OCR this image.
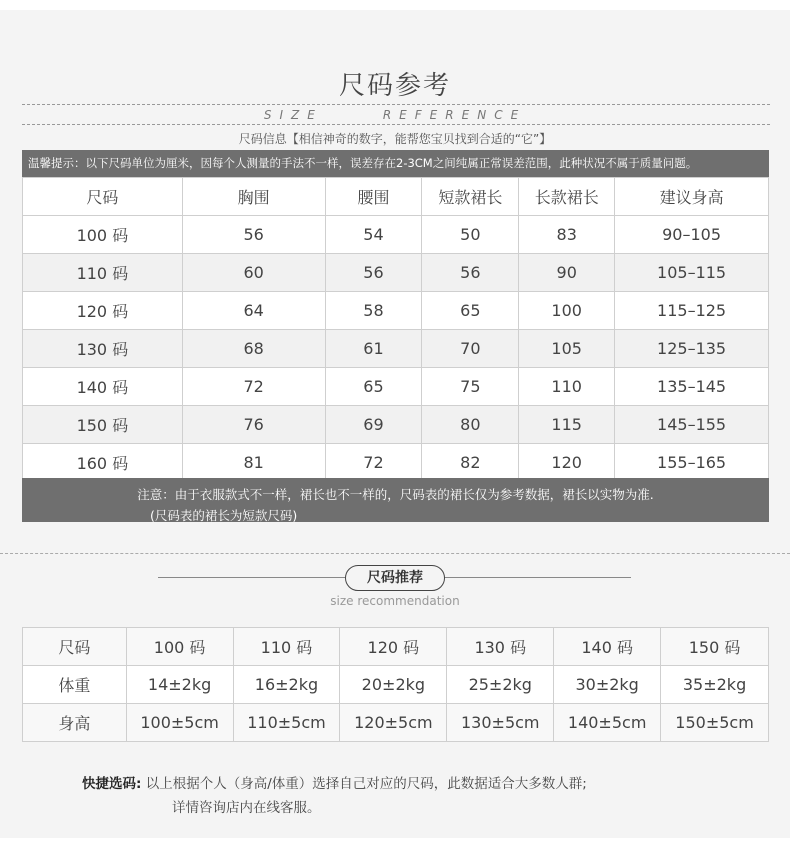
尺码参考
SIZE	REFERENCE
尺码信息【相信神奇的数字，能帮您宝贝找到合适的“它”】
温馨提示：以下尺码单位为厘米，因每个人测量的手法不一样，误差存在2-3CM之间纯属正常误差范围，此种状况不属于质量问题。
尺码	胸围	腰围	短款裙长	长款裙长	建议身高
100 码	56	54	50	83	90–105
110 码	60	56	56	90	105–115
120 码	64	58	65	100	115–125
130 码	68	61	70	105	125–135
140 码	72	65	75	110	135–145
150 码	76	69	80	115	145–155
160 码	81	72	82	120	155–165
注意：由于衣服款式不一样，裙长也不一样的，尺码表的裙长仅为参考数据，裙长以实物为准.
(尺码表的裙长为短款尺码)
尺码推荐
size recommendation
尺码	100 码	110 码	120 码	130 码	140 码	150 码
体重	14±2kg	16±2kg	20±2kg	25±2kg	30±2kg	35±2kg
身高	100±5cm	110±5cm	120±5cm	130±5cm	140±5cm	150±5cm
快捷选码: 以上根据个人（身高/体重）选择自己对应的尺码，此数据适合大多数人群;
详情咨询店内在线客服。
